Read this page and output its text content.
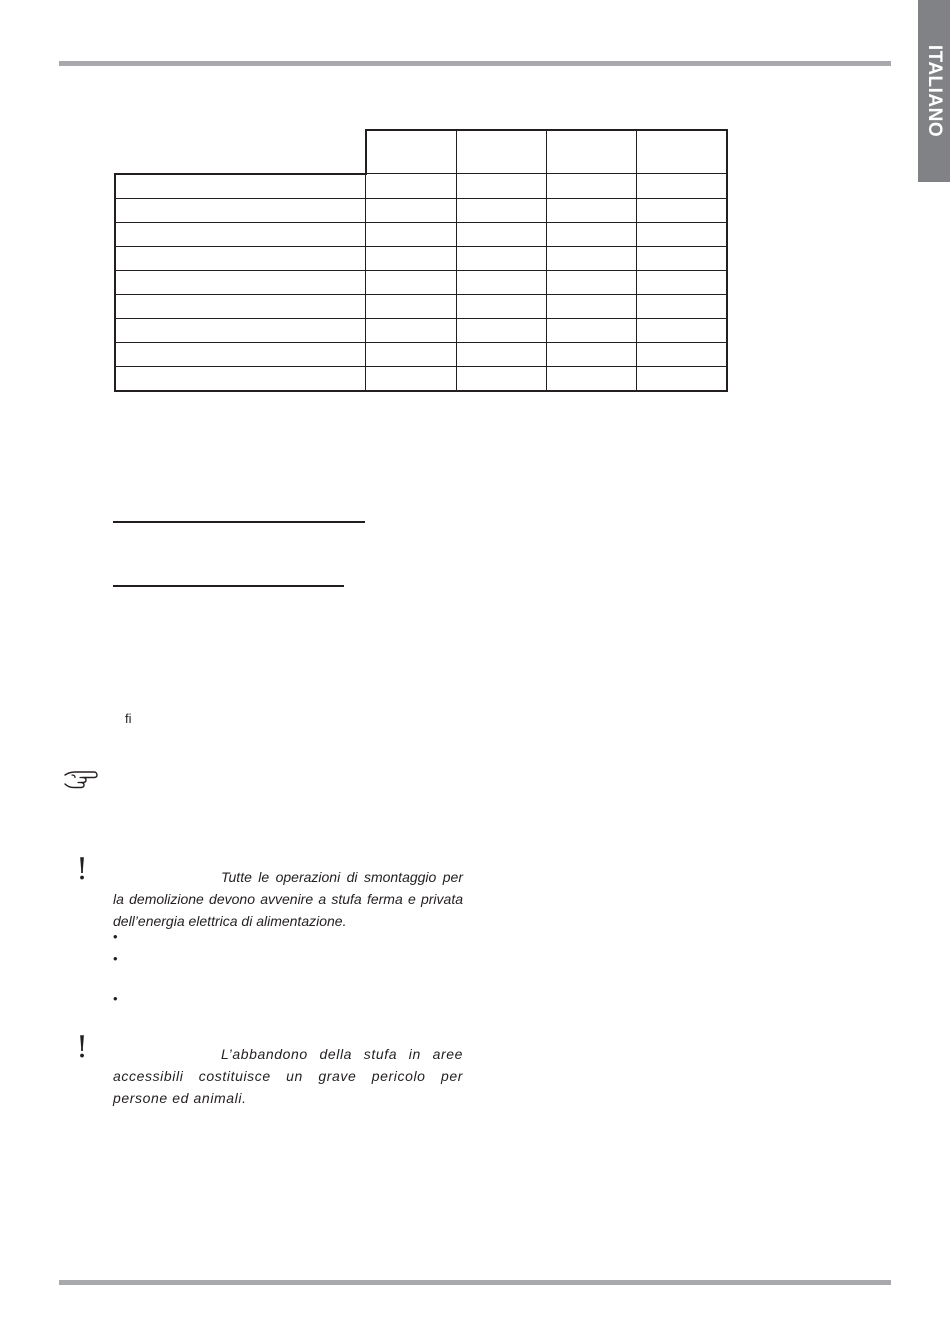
ITALIANO

ﬁ
!	Tutte le operazioni di smontaggio per la demolizione devono avvenire a stufa ferma e privata dell’energia elettrica di alimentazione.
•
•
•
!	L’abbandono della stufa in aree accessibili costituisce un grave pericolo per persone ed animali.
